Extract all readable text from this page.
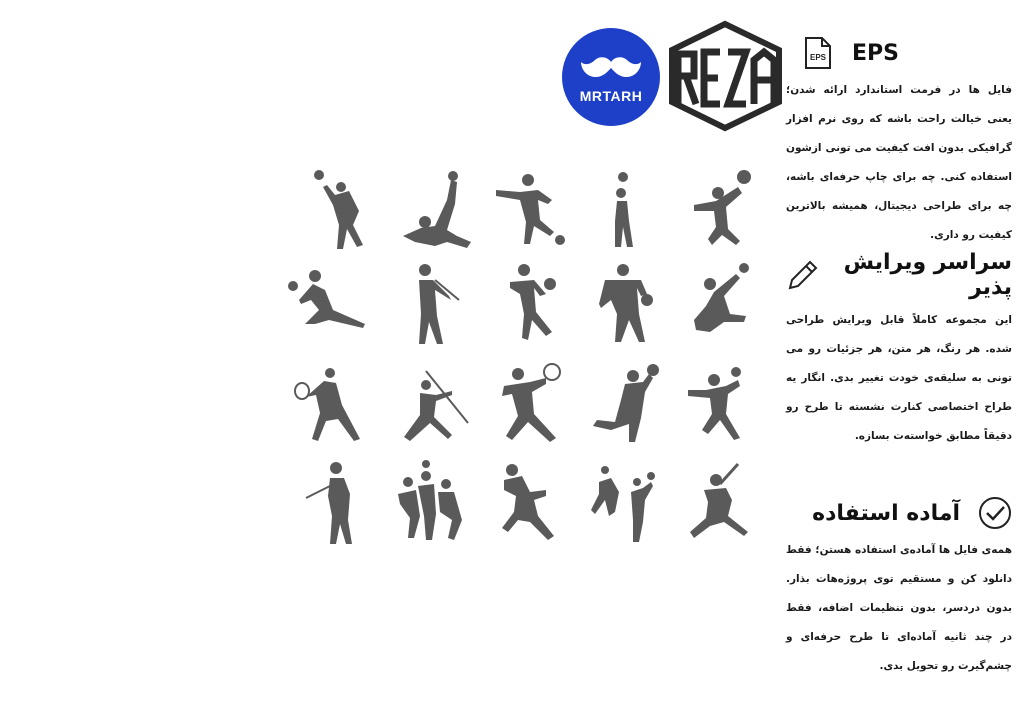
MRTARH
EPS EPS

فایل ها در فرمت استاندارد ارائه شدن؛ یعنی خیالت راحت باشه که روی نرم افزار گرافیکی بدون افت کیفیت می تونی ازشون استفاده کنی. چه برای چاپ حرفه‌ای باشه، چه برای طراحی دیجیتال، همیشه بالاترین کیفیت رو داری.

سراسر ویرایش پذیر

این مجموعه کاملاً قابل ویرایش طراحی شده. هر رنگ، هر متن، هر جزئیات رو می تونی به سلیقه‌ی خودت تغییر بدی. انگار یه طراح اختصاصی کنارت نشسته تا طرح رو دقیقاً مطابق خواسته‌ت بسازه.

آماده استفاده

همه‌ی فایل ها آماده‌ی استفاده هستن؛ فقط دانلود کن و مستقیم توی پروژه‌هات بذار. بدون دردسر، بدون تنظیمات اضافه، فقط در چند ثانیه آماده‌ای تا طرح حرفه‌ای و چشم‌گیرت رو تحویل بدی.
